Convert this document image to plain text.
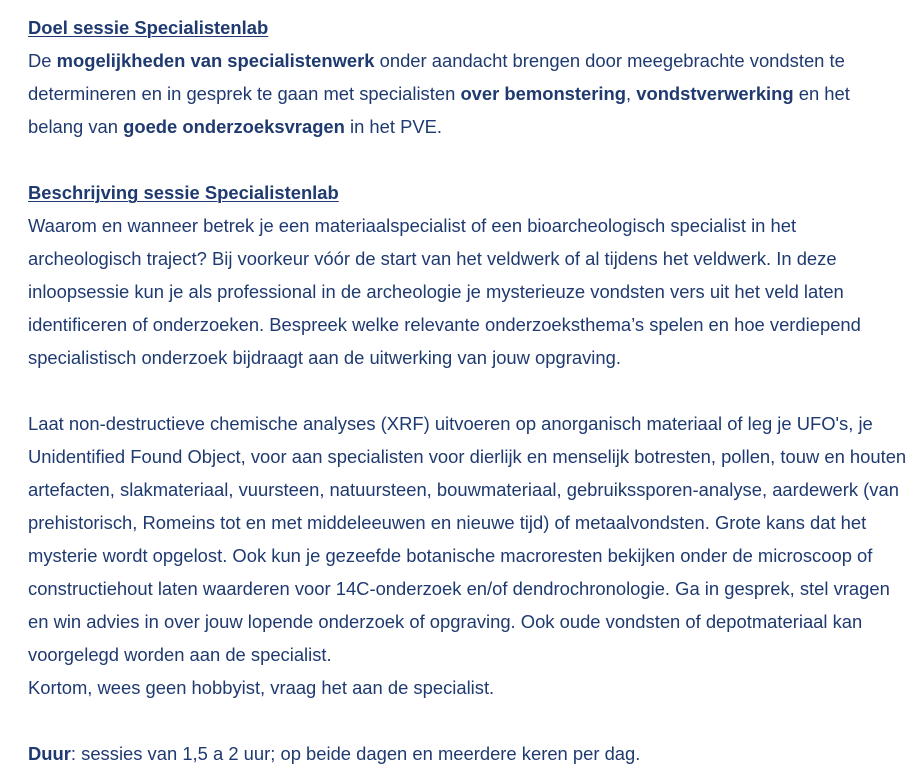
Doel sessie Specialistenlab

De mogelijkheden van specialistenwerk onder aandacht brengen door meegebrachte vondsten te determineren en in gesprek te gaan met specialisten over bemonstering, vondstverwerking en het belang van goede onderzoeksvragen in het PVE.

Beschrijving sessie Specialistenlab

Waarom en wanneer betrek je een materiaalspecialist of een bioarcheologisch specialist in het archeologisch traject? Bij voorkeur vóór de start van het veldwerk of al tijdens het veldwerk. In deze inloopsessie kun je als professional in de archeologie je mysterieuze vondsten vers uit het veld laten identificeren of onderzoeken. Bespreek welke relevante onderzoeksthema’s spelen en hoe verdiepend specialistisch onderzoek bijdraagt aan de uitwerking van jouw opgraving.

Laat non-destructieve chemische analyses (XRF) uitvoeren op anorganisch materiaal of leg je UFO's, je Unidentified Found Object, voor aan specialisten voor dierlijk en menselijk botresten, pollen, touw en houten artefacten, slakmateriaal, vuursteen, natuursteen, bouwmateriaal, gebruikssporen-analyse, aardewerk (van prehistorisch, Romeins tot en met middeleeuwen en nieuwe tijd) of metaalvondsten. Grote kans dat het mysterie wordt opgelost. Ook kun je gezeefde botanische macroresten bekijken onder de microscoop of constructiehout laten waarderen voor 14C-onderzoek en/of dendrochronologie. Ga in gesprek, stel vragen en win advies in over jouw lopende onderzoek of opgraving. Ook oude vondsten of depotmateriaal kan voorgelegd worden aan de specialist.

Kortom, wees geen hobbyist, vraag het aan de specialist.

Duur: sessies van 1,5 a 2 uur; op beide dagen en meerdere keren per dag.
